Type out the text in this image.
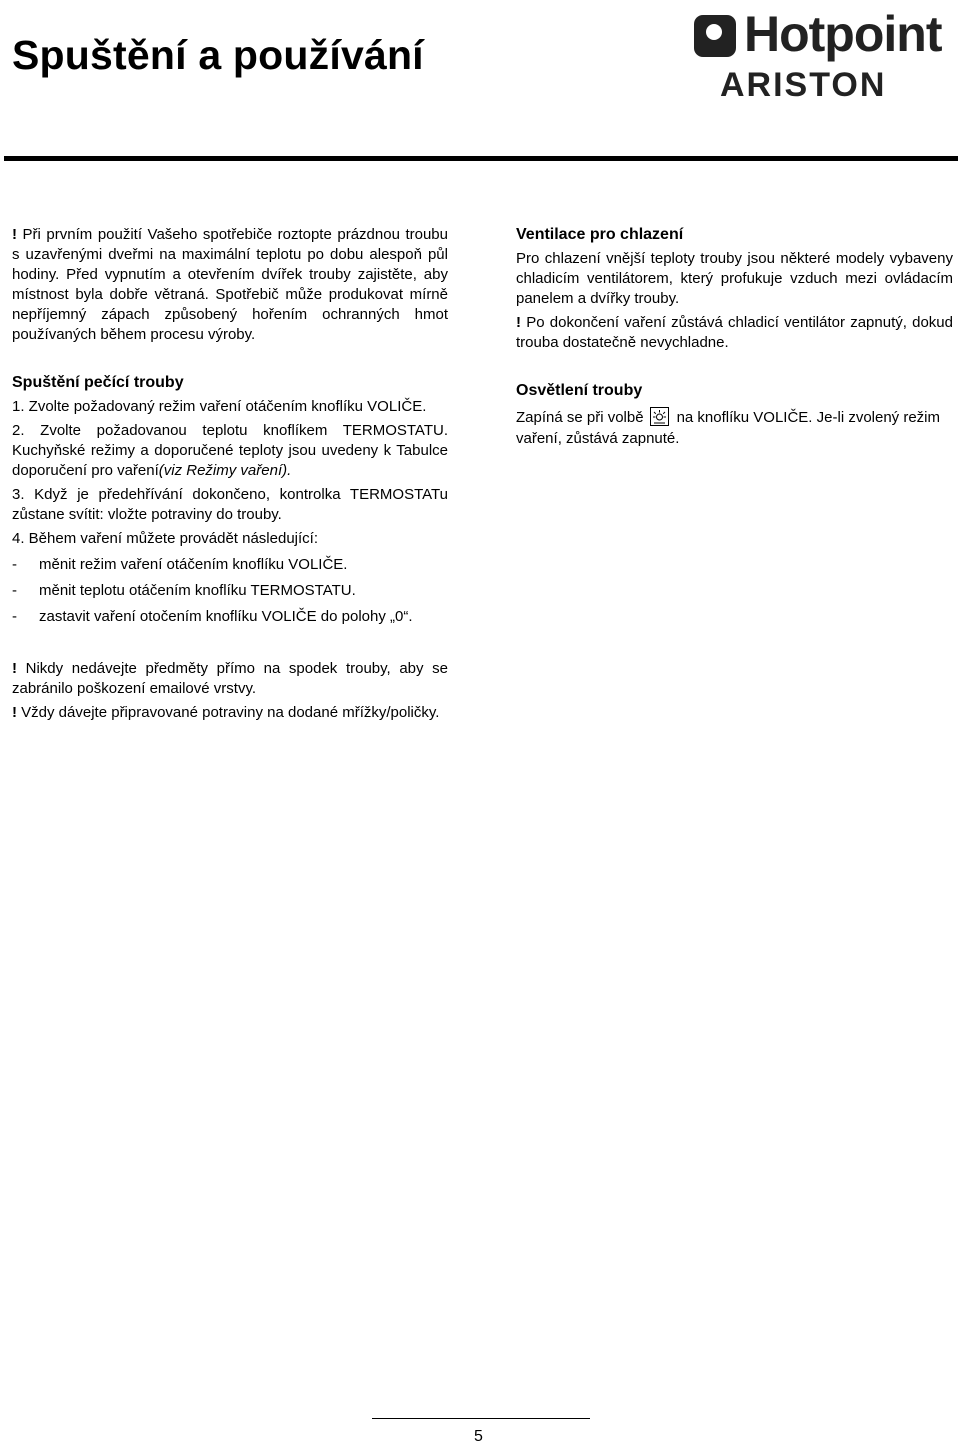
Spuštění a používání	Hotpoint
ARISTON

! Při prvním použití Vašeho spotřebiče roztopte prázdnou troubu s uzavřenými dveřmi na maximální teplotu po dobu alespoň půl hodiny. Před vypnutím a otevřením dvířek trouby zajistěte, aby místnost byla dobře větraná. Spotřebič může produkovat mírně nepříjemný zápach způsobený hořením ochranných hmot používaných během procesu výroby.

Spuštění pečící trouby

1. Zvolte požadovaný režim vaření otáčením knoflíku VOLIČE.

2. Zvolte požadovanou teplotu knoflíkem TERMOSTATU. Kuchyňské režimy a doporučené teploty jsou uvedeny k Tabulce doporučení pro vaření(viz Režimy vaření).

3. Když je předehřívání dokončeno, kontrolka TERMOSTATu zůstane svítit: vložte potraviny do trouby.

4. Během vaření můžete provádět následující:

-	měnit režim vaření otáčením knoflíku VOLIČE.
-	měnit teplotu otáčením knoflíku TERMOSTATU.
-	zastavit vaření otočením knoflíku VOLIČE do polohy „0“.

! Nikdy nedávejte předměty přímo na spodek trouby, aby se zabránilo poškození emailové vrstvy.

! Vždy dávejte připravované potraviny na dodané mřížky/poličky.

Ventilace pro chlazení

Pro chlazení vnější teploty trouby jsou některé modely vybaveny chladicím ventilátorem, který profukuje vzduch mezi ovládacím panelem a dvířky trouby.

! Po dokončení vaření zůstává chladicí ventilátor zapnutý, dokud trouba dostatečně nevychladne.

Osvětlení trouby

Zapíná se při volbě na knoflíku VOLIČE. Je-li zvolený režim vaření, zůstává zapnuté.

5
